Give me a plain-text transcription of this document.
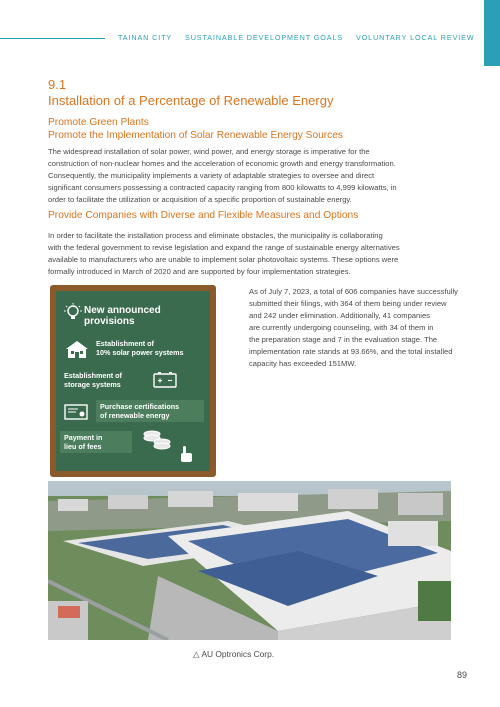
TAINAN CITY SUSTAINABLE DEVELOPMENT GOALS VOLUNTARY LOCAL REVIEW
9.1
Installation of a Percentage of Renewable Energy
Promote Green Plants
Promote the Implementation of Solar Renewable Energy Sources
The widespread installation of solar power, wind power, and energy storage is imperative for the
construction of non-nuclear homes and the acceleration of economic growth and energy transformation.
Consequently, the municipality implements a variety of adaptable strategies to oversee and direct
significant consumers possessing a contracted capacity ranging from 800 kilowatts to 4,999 kilowatts, in
order to facilitate the utilization or acquisition of a specific proportion of sustainable energy.
Provide Companies with Diverse and Flexible Measures and Options
In order to facilitate the installation process and eliminate obstacles, the municipality is collaborating
with the federal government to revise legislation and expand the range of sustainable energy alternatives
available to manufacturers who are unable to implement solar photovoltaic systems. These options were
formally introduced in March of 2020 and are supported by four implementation strategies.
As of July 7, 2023, a total of 606 companies have successfully
submitted their filings, with 364 of them being under review
and 242 under elimination. Additionally, 41 companies
are currently undergoing counseling, with 34 of them in
the preparation stage and 7 in the evaluation stage. The
implementation rate stands at 93.66%, and the total installed
capacity has exceeded 151MW.
New announced
provisions
Establishment of
10% solar power systems
Establishment of
storage systems
Purchase certifications
of renewable energy
Payment in
lieu of fees
△ AU Optronics Corp.
89
